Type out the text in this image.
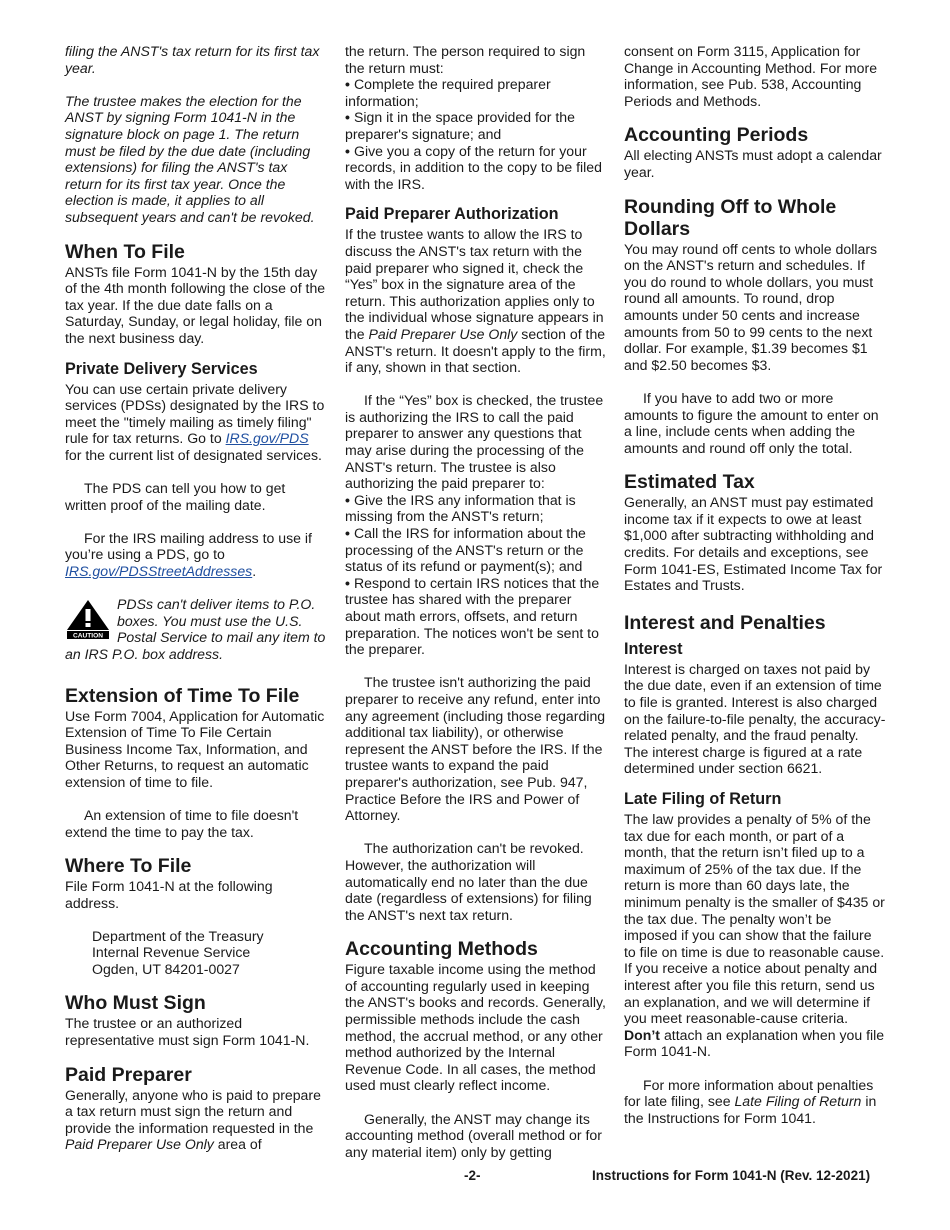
filing the ANST's tax return for its first tax year.

The trustee makes the election for the ANST by signing Form 1041-N in the signature block on page 1. The return must be filed by the due date (including extensions) for filing the ANST's tax return for its first tax year. Once the election is made, it applies to all subsequent years and can't be revoked.

When To File

ANSTs file Form 1041-N by the 15th day of the 4th month following the close of the tax year. If the due date falls on a Saturday, Sunday, or legal holiday, file on the next business day.

Private Delivery Services

You can use certain private delivery services (PDSs) designated by the IRS to meet the "timely mailing as timely filing" rule for tax returns. Go to IRS.gov/PDS for the current list of designated services.

The PDS can tell you how to get written proof of the mailing date.

For the IRS mailing address to use if you’re using a PDS, go to IRS.gov/PDSStreetAddresses.

CAUTION

PDSs can't deliver items to P.O. boxes. You must use the U.S. Postal Service to mail any item to an IRS P.O. box address.

Extension of Time To File

Use Form 7004, Application for Automatic Extension of Time To File Certain Business Income Tax, Information, and Other Returns, to request an automatic extension of time to file.

An extension of time to file doesn't extend the time to pay the tax.

Where To File

File Form 1041-N at the following address.

Department of the Treasury

Internal Revenue Service

Ogden, UT 84201-0027

Who Must Sign

The trustee or an authorized representative must sign Form 1041-N.

Paid Preparer

Generally, anyone who is paid to prepare a tax return must sign the return and provide the information requested in the Paid Preparer Use Only area of

the return. The person required to sign the return must:

• Complete the required preparer information;

• Sign it in the space provided for the preparer's signature; and

• Give you a copy of the return for your records, in addition to the copy to be filed with the IRS.

Paid Preparer Authorization

If the trustee wants to allow the IRS to discuss the ANST's tax return with the paid preparer who signed it, check the “Yes” box in the signature area of the return. This authorization applies only to the individual whose signature appears in the Paid Preparer Use Only section of the ANST's return. It doesn't apply to the firm, if any, shown in that section.

If the “Yes” box is checked, the trustee is authorizing the IRS to call the paid preparer to answer any questions that may arise during the processing of the ANST's return. The trustee is also authorizing the paid preparer to:

• Give the IRS any information that is missing from the ANST's return;

• Call the IRS for information about the processing of the ANST's return or the status of its refund or payment(s); and

• Respond to certain IRS notices that the trustee has shared with the preparer about math errors, offsets, and return preparation. The notices won't be sent to the preparer.

The trustee isn't authorizing the paid preparer to receive any refund, enter into any agreement (including those regarding additional tax liability), or otherwise represent the ANST before the IRS. If the trustee wants to expand the paid preparer's authorization, see Pub. 947, Practice Before the IRS and Power of Attorney.

The authorization can't be revoked. However, the authorization will automatically end no later than the due date (regardless of extensions) for filing the ANST's next tax return.

Accounting Methods

Figure taxable income using the method of accounting regularly used in keeping the ANST's books and records. Generally, permissible methods include the cash method, the accrual method, or any other method authorized by the Internal Revenue Code. In all cases, the method used must clearly reflect income.

Generally, the ANST may change its accounting method (overall method or for any material item) only by getting

consent on Form 3115, Application for Change in Accounting Method. For more information, see Pub. 538, Accounting Periods and Methods.

Accounting Periods

All electing ANSTs must adopt a calendar year.

Rounding Off to Whole Dollars

You may round off cents to whole dollars on the ANST's return and schedules. If you do round to whole dollars, you must round all amounts. To round, drop amounts under 50 cents and increase amounts from 50 to 99 cents to the next dollar. For example, $1.39 becomes $1 and $2.50 becomes $3.

If you have to add two or more amounts to figure the amount to enter on a line, include cents when adding the amounts and round off only the total.

Estimated Tax

Generally, an ANST must pay estimated income tax if it expects to owe at least $1,000 after subtracting withholding and credits. For details and exceptions, see Form 1041-ES, Estimated Income Tax for Estates and Trusts.

Interest and Penalties
Interest

Interest is charged on taxes not paid by the due date, even if an extension of time to file is granted. Interest is also charged on the failure-to-file penalty, the accuracy-related penalty, and the fraud penalty. The interest charge is figured at a rate determined under section 6621.

Late Filing of Return

The law provides a penalty of 5% of the tax due for each month, or part of a month, that the return isn’t filed up to a maximum of 25% of the tax due. If the return is more than 60 days late, the minimum penalty is the smaller of $435 or the tax due. The penalty won’t be imposed if you can show that the failure to file on time is due to reasonable cause. If you receive a notice about penalty and interest after you file this return, send us an explanation, and we will determine if you meet reasonable-cause criteria. Don’t attach an explanation when you file Form 1041-N.

For more information about penalties for late filing, see Late Filing of Return in the Instructions for Form 1041.

-2-	Instructions for Form 1041-N (Rev. 12-2021)
